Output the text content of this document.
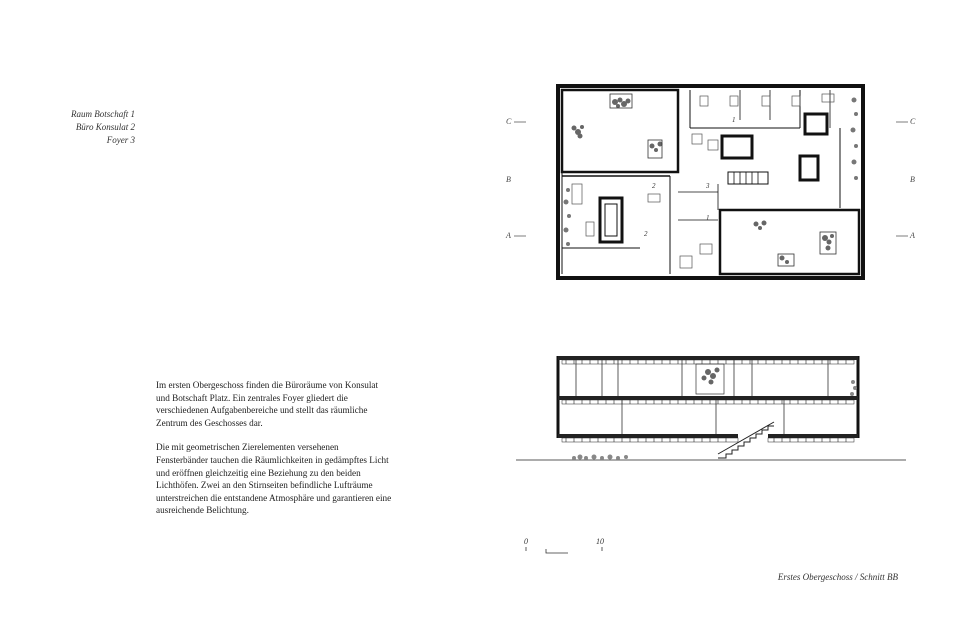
Raum Botschaft 1
Büro Konsulat 2
Foyer 3

Im ersten Obergeschoss finden die Büroräume von Konsulat und Botschaft Platz. Ein zentrales Foyer gliedert die verschiedenen Aufgabenbereiche und stellt das räumliche Zentrum des Geschosses dar.

Die mit geometrischen Zierelementen versehenen Fensterbänder tauchen die Räumlichkeiten in gedämpftes Licht und eröffnen gleichzeitig eine Beziehung zu den beiden Lichthöfen. Zwei an den Stirnseiten befindliche Lufträume unterstreichen die entstandene Atmosphäre und garantieren eine ausreichende Belichtung.

C
B
A
C
B
A
1
2	3
2
1
0	10
Erstes Obergeschoss / Schnitt BB
